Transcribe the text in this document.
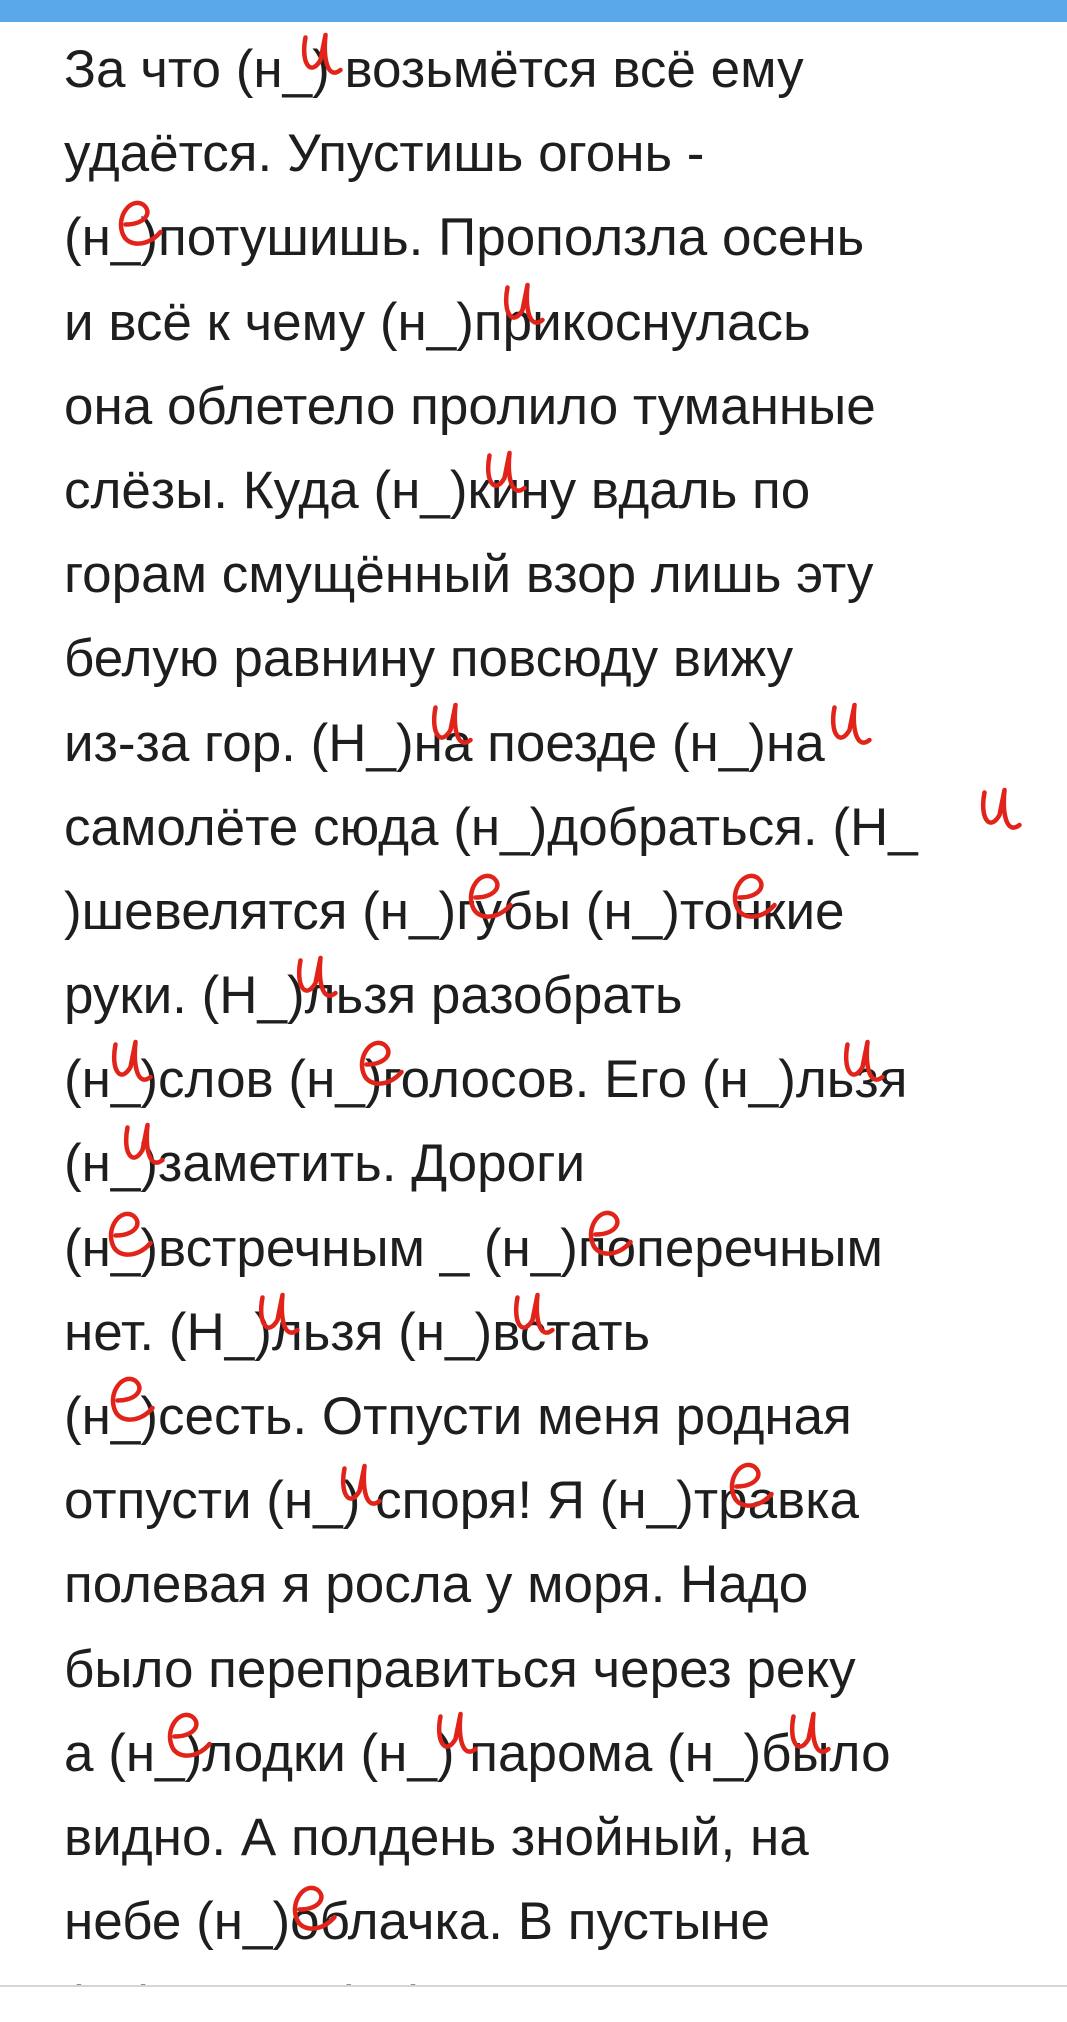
За что (н_) возьмётся всё ему
удаётся. Упустишь огонь -
(н_)потушишь. Проползла осень
и всё к чему (н_)прикоснулась
она облетело пролило туманные
слёзы. Куда (н_)кину вдаль по
горам смущённый взор лишь эту
белую равнину повсюду вижу
из-за гор. (Н_)на поезде (н_)на
самолёте сюда (н_)добраться. (Н_
)шевелятся (н_)губы (н_)тонкие
руки. (Н_)льзя разобрать
(н_)слов (н_)голосов. Его (н_)льзя
(н_)заметить. Дороги
(н_)встречным _ (н_)поперечным
нет. (Н_)льзя (н_)встать
(н_)сесть. Отпусти меня родная
отпусти (н_) споря! Я (н_)травка
полевая я росла у моря. Надо
было переправиться через реку
а (н_)лодки (н_) парома (н_)было
видно. А полдень знойный, на
небе (н_)облачка. В пустыне
